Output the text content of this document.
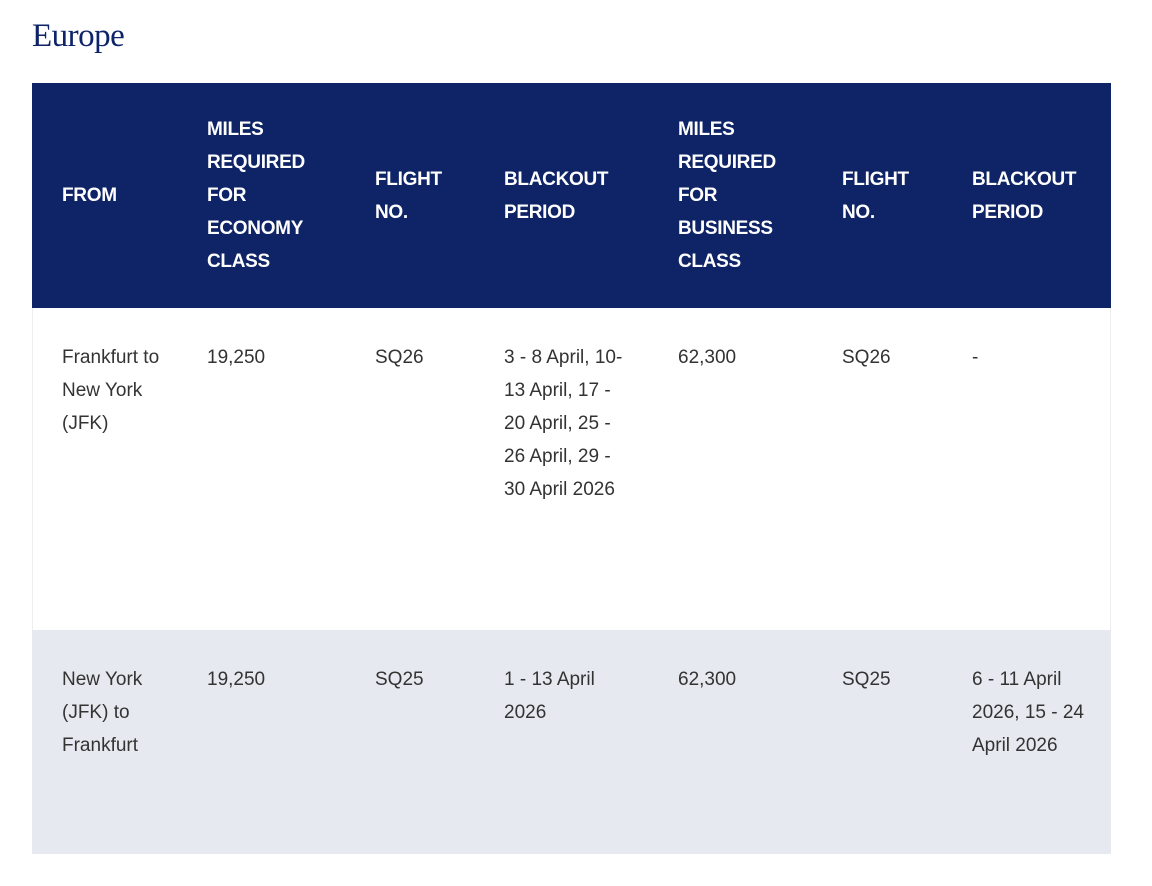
Europe
FROM	MILES REQUIRED FOR ECONOMY CLASS	FLIGHT NO.	BLACKOUT PERIOD	MILES REQUIRED FOR BUSINESS CLASS	FLIGHT NO.	BLACKOUT PERIOD
Frankfurt to New York (JFK)	19,250	SQ26	3 - 8 April, 10- 13 April, 17 - 20 April, 25 - 26 April, 29 - 30 April 2026	62,300	SQ26	-
New York (JFK) to Frankfurt	19,250	SQ25	1 - 13 April 2026	62,300	SQ25	6 - 11 April 2026, 15 - 24 April 2026
